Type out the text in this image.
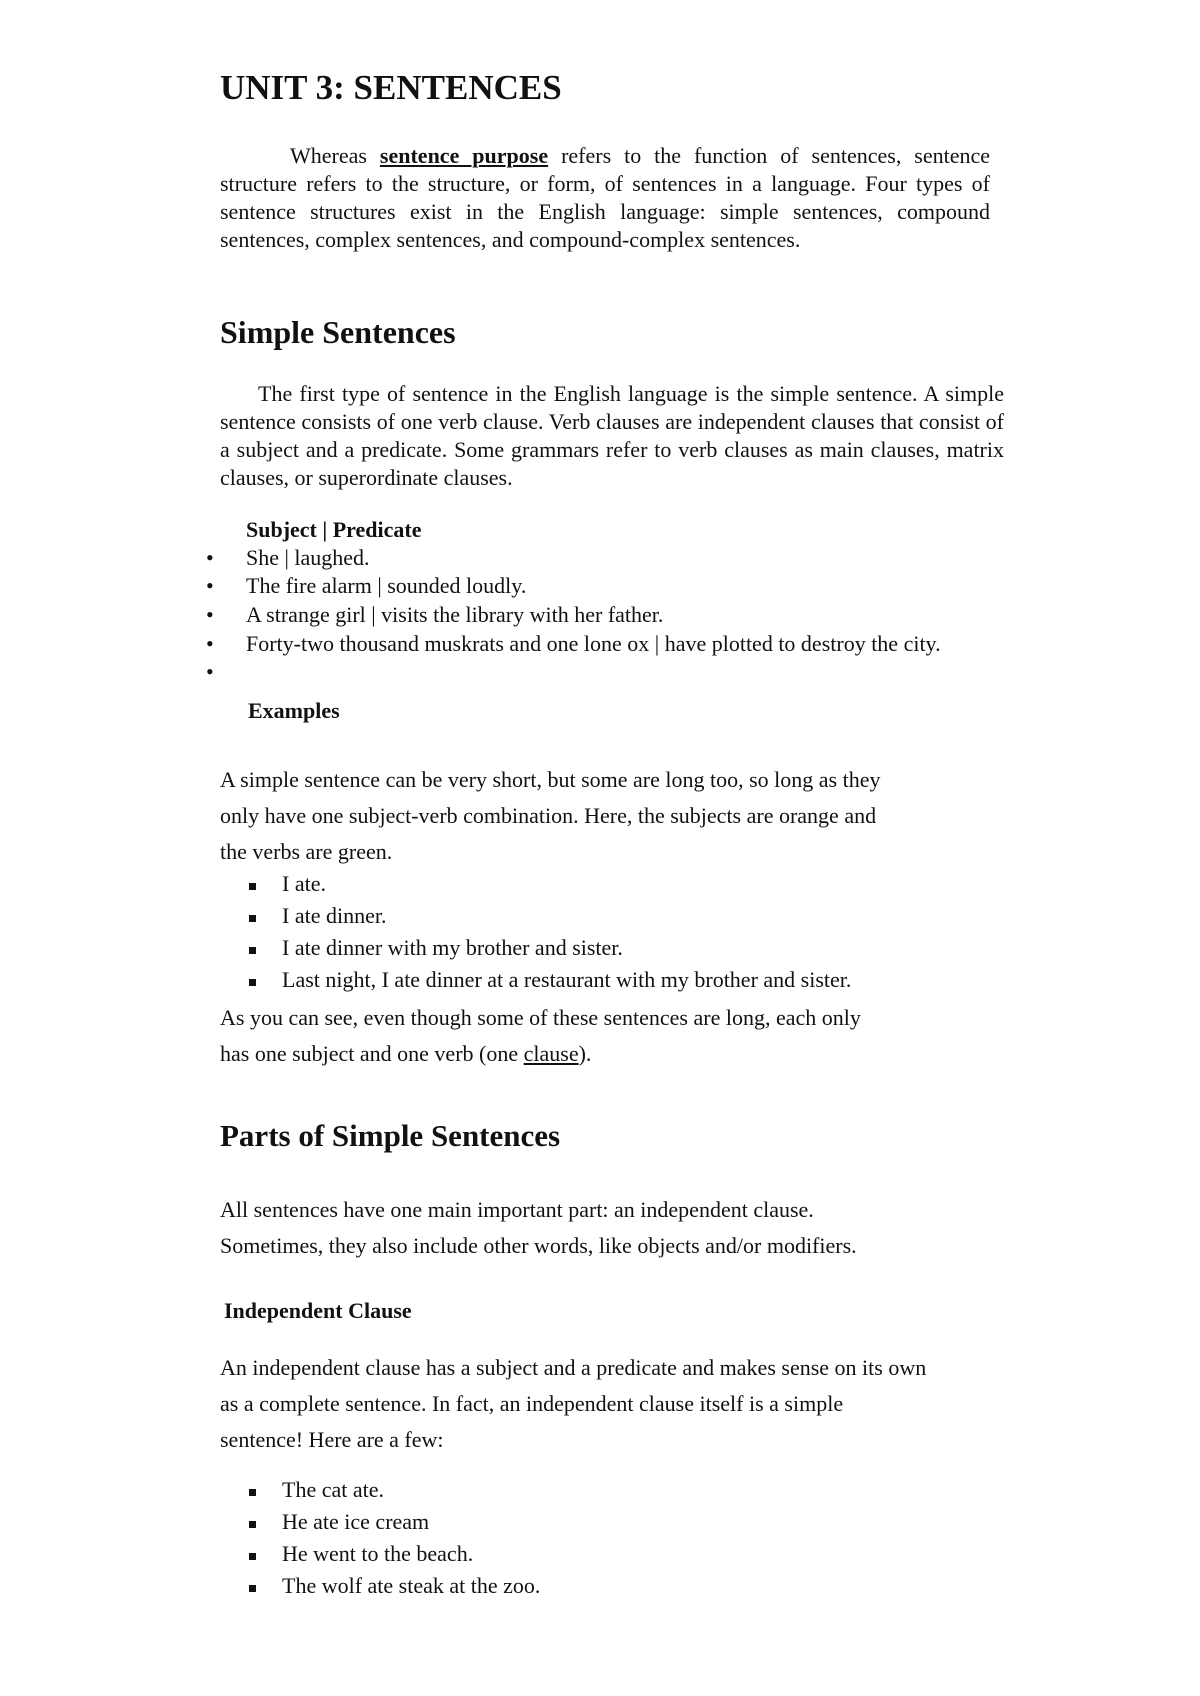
UNIT 3: SENTENCES
Whereas sentence purpose refers to the function of sentences, sentence structure refers to the structure, or form, of sentences in a language. Four types of sentence structures exist in the English language: simple sentences, compound sentences, complex sentences, and compound-complex sentences.
Simple Sentences
The first type of sentence in the English language is the simple sentence. A simple sentence consists of one verb clause. Verb clauses are independent clauses that consist of a subject and a predicate. Some grammars refer to verb clauses as main clauses, matrix clauses, or superordinate clauses.
Subject | Predicate
• She | laughed.
• The fire alarm | sounded loudly.
• A strange girl | visits the library with her father.
• Forty-two thousand muskrats and one lone ox | have plotted to destroy the city.
•
Examples
A simple sentence can be very short, but some are long too, so long as they
only have one subject-verb combination. Here, the subjects are orange and
the verbs are green.
I ate.
I ate dinner.
I ate dinner with my brother and sister.
Last night, I ate dinner at a restaurant with my brother and sister.
As you can see, even though some of these sentences are long, each only
has one subject and one verb (one clause).
Parts of Simple Sentences
All sentences have one main important part: an independent clause.
Sometimes, they also include other words, like objects and/or modifiers.
Independent Clause
An independent clause has a subject and a predicate and makes sense on its own
as a complete sentence. In fact, an independent clause itself is a simple
sentence! Here are a few:
The cat ate.
He ate ice cream
He went to the beach.
The wolf ate steak at the zoo.
